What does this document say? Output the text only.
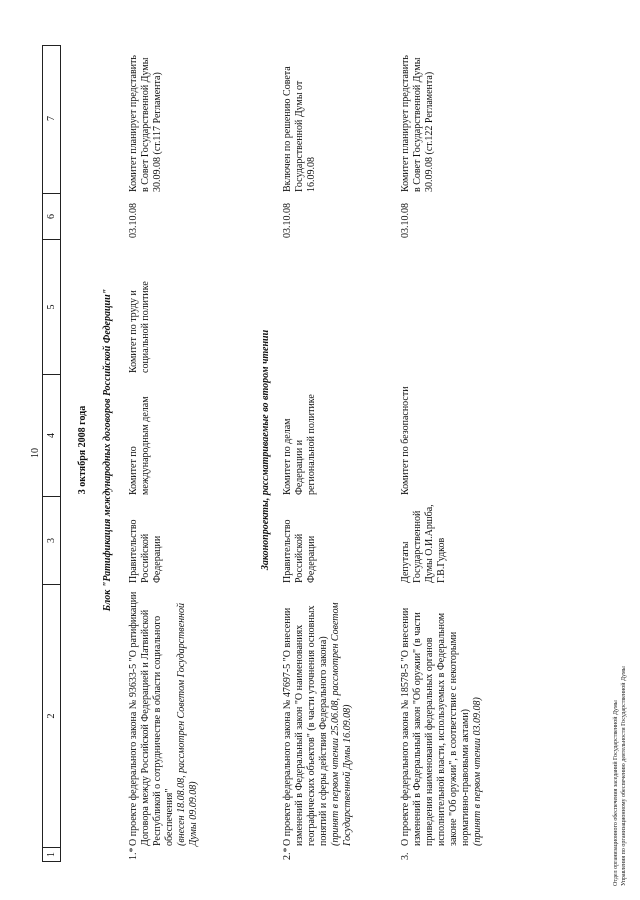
10
1
2
3
4
5
6
7
3 октября 2008 года Блок "Ратификация международных договоров Российской Федерации"
1.*
О проекте федерального закона № 93633-5 "О ратификации Договора между Российской Федерацией и Латвийской Республикой о сотрудничестве в области социального обеспечения" (внесен 18.08.08, рассмотрен Советом Государственной Думы 09.09.08)
Правительство Российской Федерации
Комитет по международным делам
Комитет по труду и социальной политике
03.10.08
Комитет планирует представить в Совет Государственной Думы 30.09.08 (ст.117 Регламента)
Законопроекты, рассматриваемые во втором чтении
2.*
О проекте федерального закона № 47697-5 "О внесении изменений в Федеральный закон "О наименованиях географических объектов" (в части уточнения основных понятий и сферы действия Федерального закона) (принят в первом чтении 25.06.08, рассмотрен Советом Государственной Думы 16.09.08)
Правительство Российской Федерации
Комитет по делам Федерации и региональной политике
03.10.08
Включен по решению Совета Государственной Думы от 16.09.08
3.
О проекте федерального закона № 18578-5 "О внесении изменений в Федеральный закон "Об оружии" (в части приведения наименований федеральных органов исполнительной власти, используемых в Федеральном законе "Об оружии", в соответствие с некоторыми нормативно-правовыми актами) (принят в первом чтении 03.09.08)
Депутаты Государственной Думы О.И.Аршба, Г.В.Гудков
Комитет по безопасности
03.10.08
Комитет планирует представить в Совет Государственной Думы 30.09.08 (ст.122 Регламента)
Отдел организационного обеспечения заседаний Государственной Думы Управления по организационному обеспечению деятельности Государственной Думы
